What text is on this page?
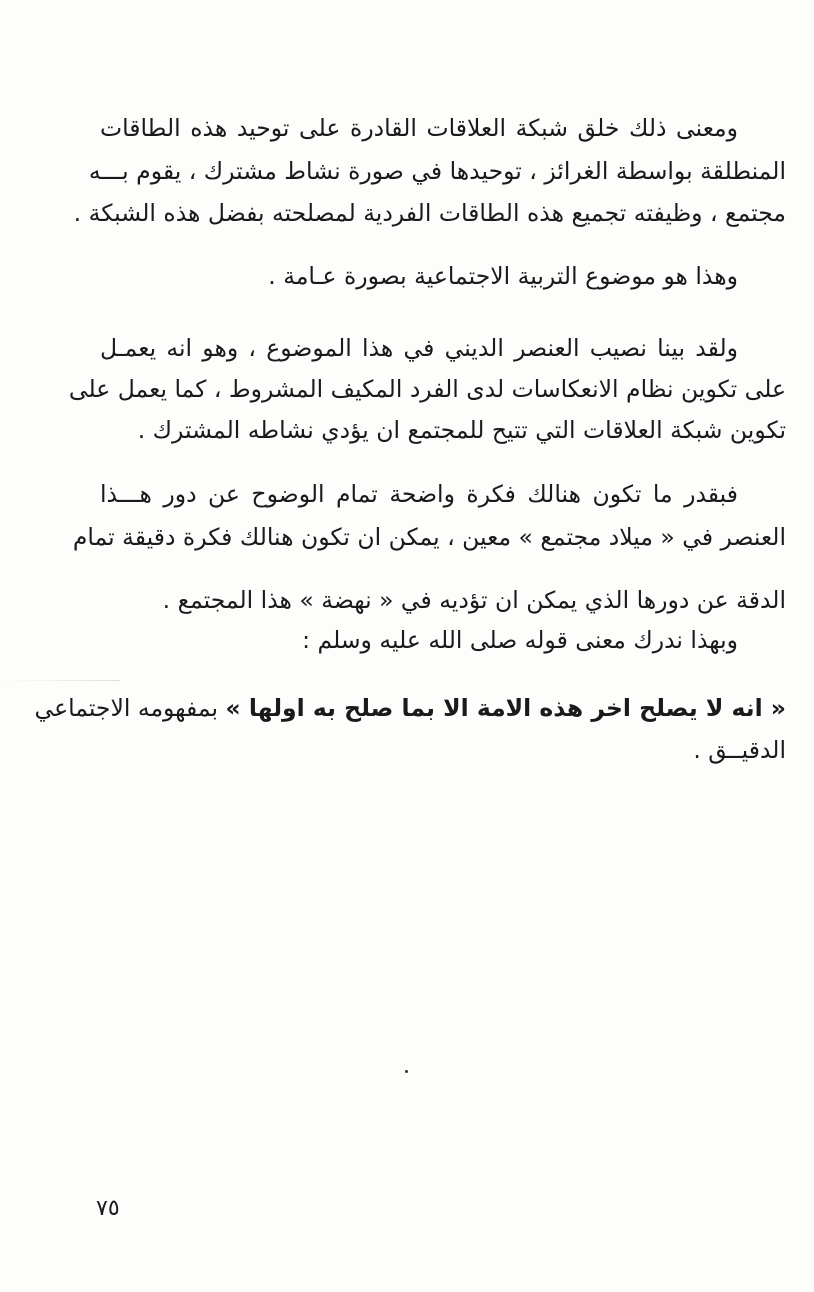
ومعنى ذلك خلق شبكة العلاقات القادرة على توحيد هذه الطاقات
المنطلقة بواسطة الغرائز ، توحيدها في صورة نشاط مشترك ، يقوم بـــه
مجتمع ، وظيفته تجميع هذه الطاقات الفردية لمصلحته بفضل هذه الشبكة .
وهذا هو موضوع التربية الاجتماعية بصورة عـامة .
ولقد بينا نصيب العنصر الديني في هذا الموضوع ، وهو انه يعمـل
على تكوين نظام الانعكاسات لدى الفرد المكيف المشروط ، كما يعمل على
تكوين شبكة العلاقات التي تتيح للمجتمع ان يؤدي نشاطه المشترك .
فبقدر ما تكون هنالك فكرة واضحة تمام الوضوح عن دور هـــذا
العنصر في « ميلاد مجتمع » معين ، يمكن ان تكون هنالك فكرة دقيقة تمام
الدقة عن دورها الذي يمكن ان تؤديه في « نهضة » هذا المجتمع .
وبهذا ندرك معنى قوله صلى الله عليه وسلم :
« انه لا يصلح اخر هذه الامة الا بما صلح به اولها » بمفهومه الاجتماعي
الدقيــق .
٧٥
